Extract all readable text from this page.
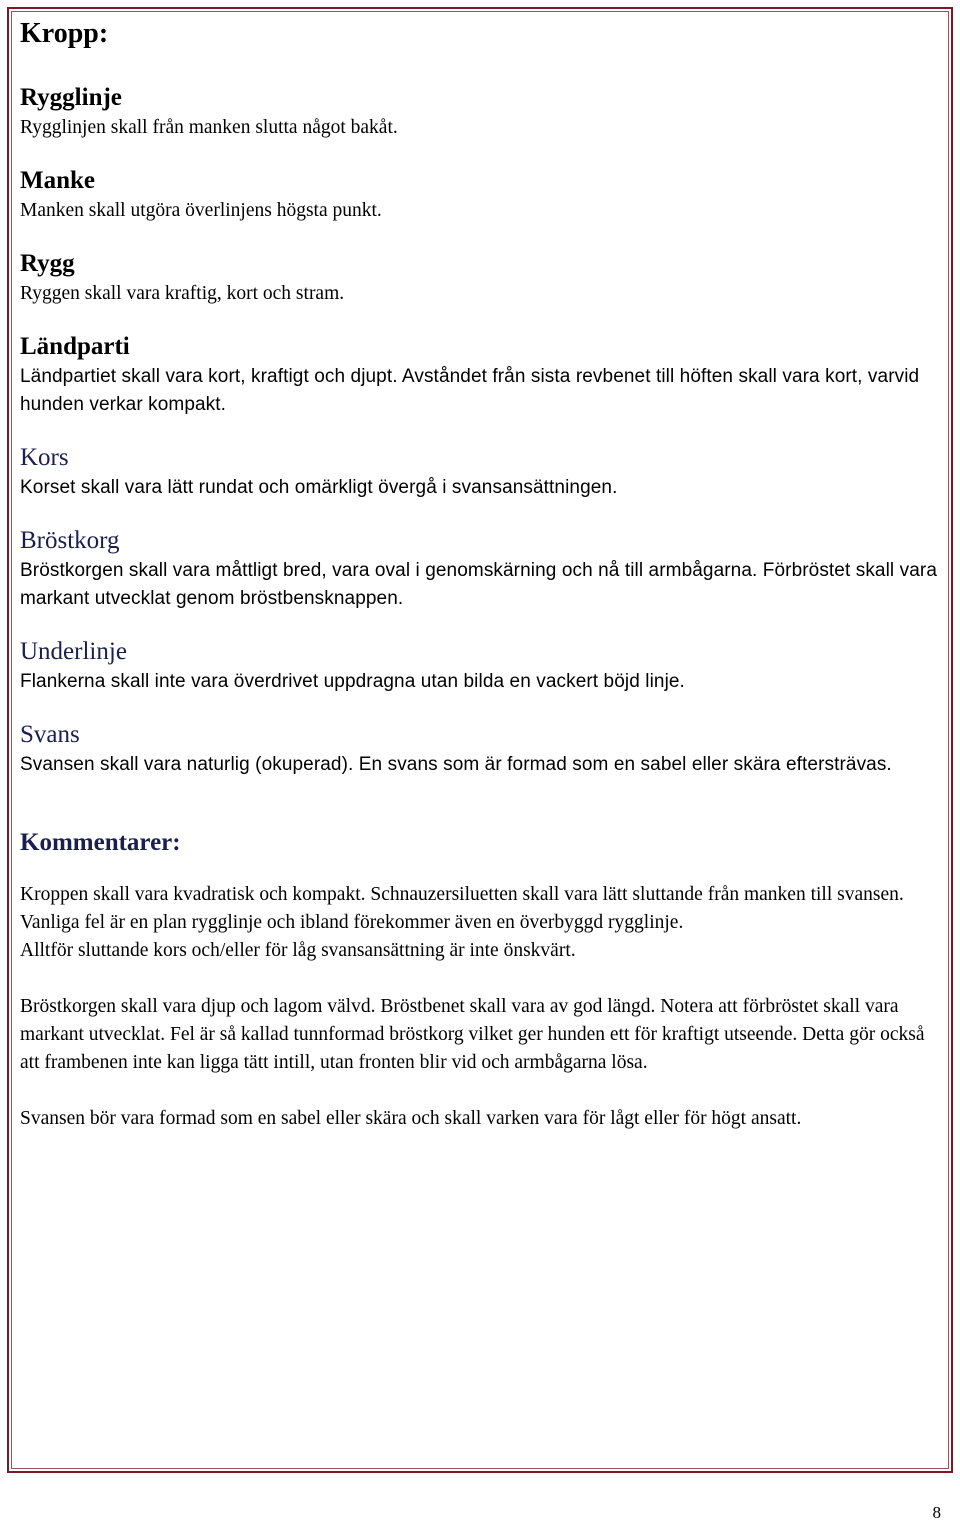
Kropp:
Rygglinje

Rygglinjen skall från manken slutta något bakåt.

Manke

Manken skall utgöra överlinjens högsta punkt.

Rygg

Ryggen skall vara kraftig, kort och stram.

Ländparti

Ländpartiet skall vara kort, kraftigt och djupt. Avståndet från sista revbenet till höften skall vara kort, varvid hunden verkar kompakt.

Kors

Korset skall vara lätt rundat och omärkligt övergå i svansansättningen.

Bröstkorg

Bröstkorgen skall vara måttligt bred, vara oval i genomskärning och nå till armbågarna. Förbröstet skall vara markant utvecklat genom bröstbensknappen.

Underlinje

Flankerna skall inte vara överdrivet uppdragna utan bilda en vackert böjd linje.

Svans

Svansen skall vara naturlig (okuperad). En svans som är formad som en sabel eller skära eftersträvas.

Kommentarer:

Kroppen skall vara kvadratisk och kompakt. Schnauzersiluetten skall vara lätt sluttande från manken till svansen. Vanliga fel är en plan rygglinje och ibland förekommer även en överbyggd rygglinje.

Alltför sluttande kors och/eller för låg svansansättning är inte önskvärt.

Bröstkorgen skall vara djup och lagom välvd. Bröstbenet skall vara av god längd. Notera att förbröstet skall vara markant utvecklat. Fel är så kallad tunnformad bröstkorg vilket ger hunden ett för kraftigt utseende. Detta gör också att frambenen inte kan ligga tätt intill, utan fronten blir vid och armbågarna lösa.

Svansen bör vara formad som en sabel eller skära och skall varken vara för lågt eller för högt ansatt.

8
